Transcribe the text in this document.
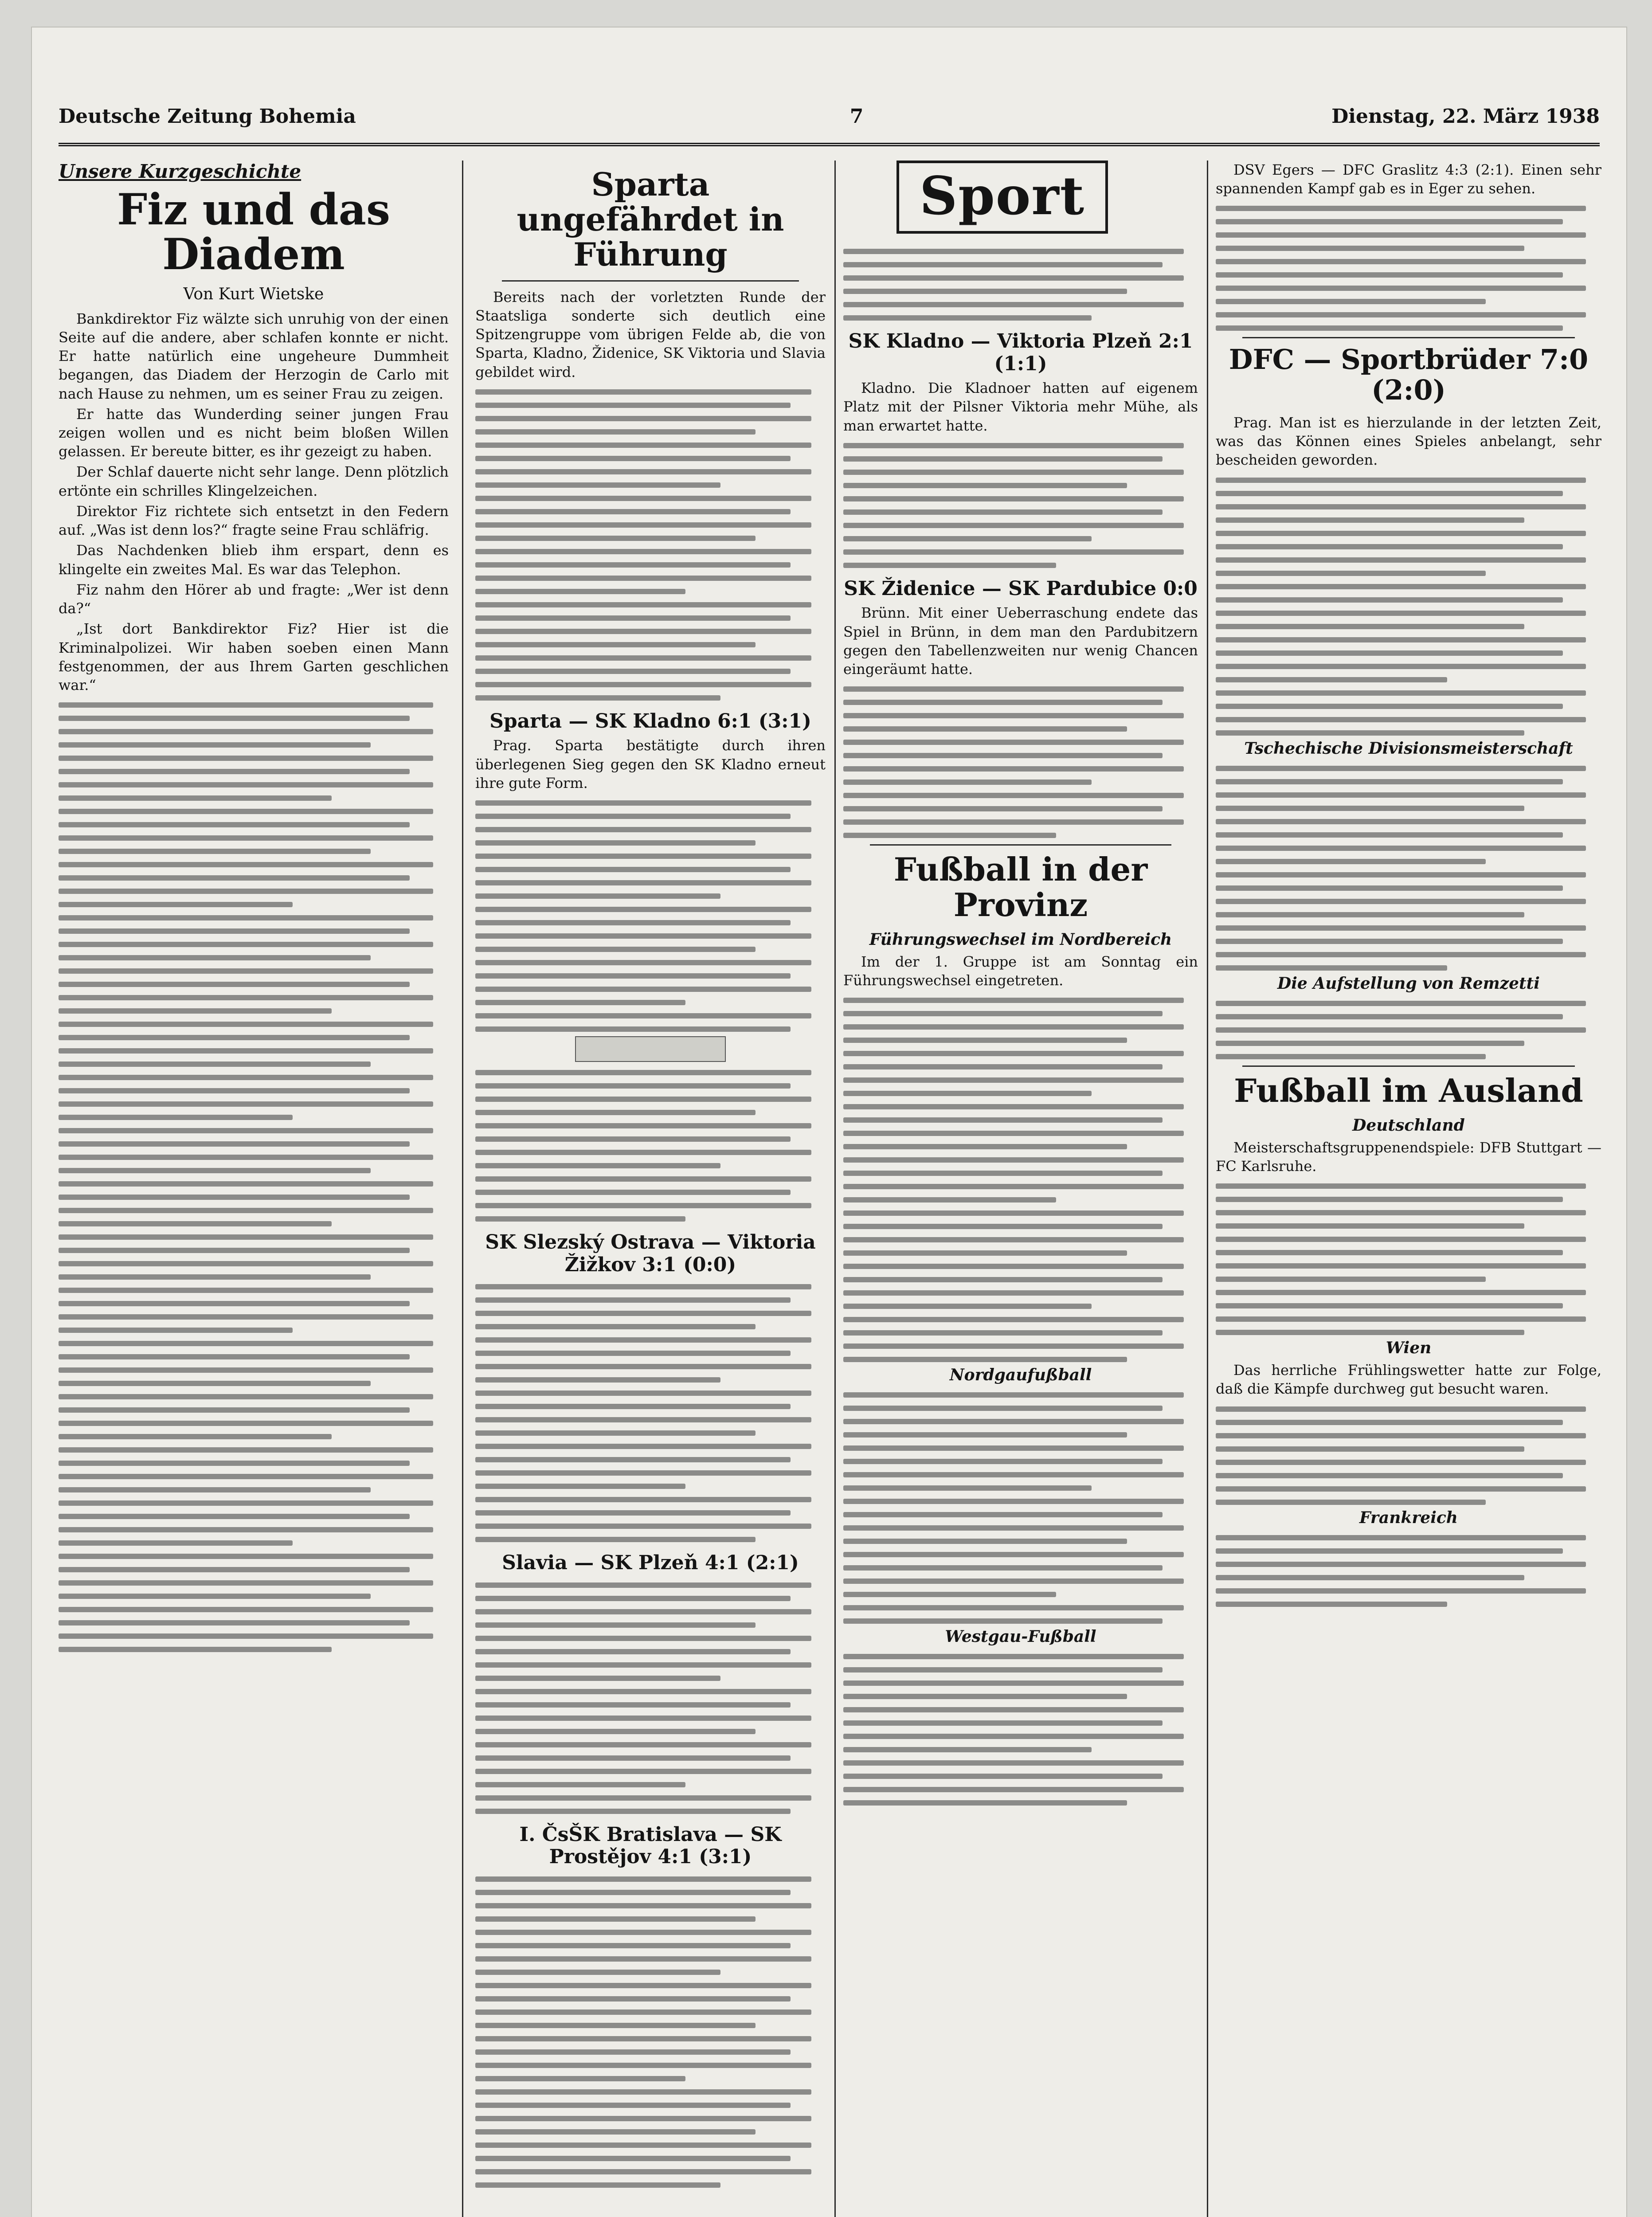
Deutsche Zeitung Bohemia	7	Dienstag, 22. März 1938
Unsere Kurzgeschichte
Fiz und das Diadem
Von Kurt Wietske

Bankdirektor Fiz wälzte sich unruhig von der einen Seite auf die andere, aber schlafen konnte er nicht. Er hatte natürlich eine ungeheure Dummheit begangen, das Diadem der Herzogin de Carlo mit nach Hause zu nehmen, um es seiner Frau zu zeigen.

Er hatte das Wunderding seiner jungen Frau zeigen wollen und es nicht beim bloßen Willen gelassen. Er bereute bitter, es ihr gezeigt zu haben.

Der Schlaf dauerte nicht sehr lange. Denn plötzlich ertönte ein schrilles Klingelzeichen.

Direktor Fiz richtete sich entsetzt in den Federn auf. „Was ist denn los?“ fragte seine Frau schläfrig.

Das Nachdenken blieb ihm erspart, denn es klingelte ein zweites Mal. Es war das Telephon.

Fiz nahm den Hörer ab und fragte: „Wer ist denn da?“

„Ist dort Bankdirektor Fiz? Hier ist die Kriminalpolizei. Wir haben soeben einen Mann festgenommen, der aus Ihrem Garten geschlichen war.“

Sparta ungefährdet in Führung

Bereits nach der vorletzten Runde der Staatsliga sonderte sich deutlich eine Spitzengruppe vom übrigen Felde ab, die von Sparta, Kladno, Židenice, SK Viktoria und Slavia gebildet wird.

Sparta — SK Kladno 6:1 (3:1)

Prag. Sparta bestätigte durch ihren überlegenen Sieg gegen den SK Kladno erneut ihre gute Form.

SK Slezský Ostrava — Viktoria Žižkov 3:1 (0:0)
Slavia — SK Plzeň 4:1 (2:1)
I. ČsŠK Bratislava — SK Prostějov 4:1 (3:1)
Sport
SK Kladno — Viktoria Plzeň 2:1 (1:1)

Kladno. Die Kladnoer hatten auf eigenem Platz mit der Pilsner Viktoria mehr Mühe, als man erwartet hatte.

SK Židenice — SK Pardubice 0:0

Brünn. Mit einer Ueberraschung endete das Spiel in Brünn, in dem man den Pardubitzern gegen den Tabellenzweiten nur wenig Chancen eingeräumt hatte.

Fußball in der Provinz
Führungswechsel im Nordbereich

Im der 1. Gruppe ist am Sonntag ein Führungswechsel eingetreten.

Nordgaufußball
Westgau-Fußball

DSV Egers — DFC Graslitz 4:3 (2:1). Einen sehr spannenden Kampf gab es in Eger zu sehen.

DFC — Sportbrüder 7:0 (2:0)

Prag. Man ist es hierzulande in der letzten Zeit, was das Können eines Spieles anbelangt, sehr bescheiden geworden.

Tschechische Divisionsmeisterschaft
Die Aufstellung von Remzetti
Fußball im Ausland
Deutschland

Meisterschaftsgruppenendspiele: DFB Stuttgart — FC Karlsruhe.

Wien

Das herrliche Frühlingswetter hatte zur Folge, daß die Kämpfe durchweg gut besucht waren.

Frankreich
